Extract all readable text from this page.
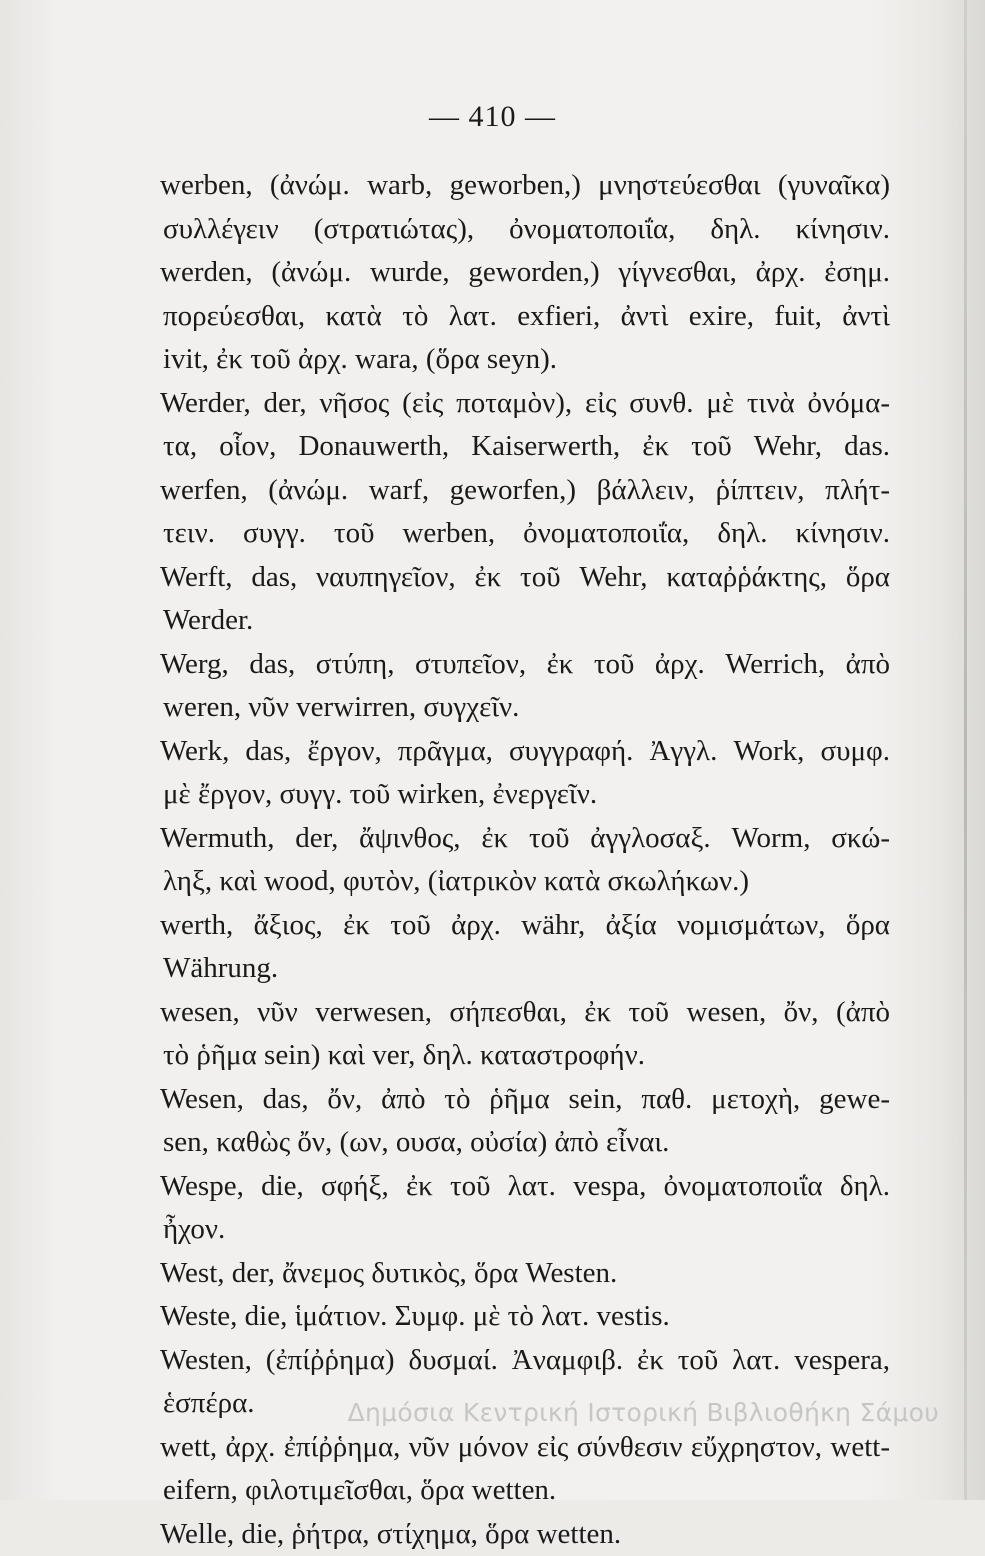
— 410 —
werben, (ἀνώμ. warb, geworben,) μνηστεύεσθαι (γυναῖκα)
συλλέγειν (στρατιώτας), ὀνοματοποιΐα, δηλ. κίνησιν.
werden, (ἀνώμ. wurde, geworden,) γίγνεσθαι, ἀρχ. ἐσημ.
πορεύεσθαι, κατὰ τὸ λατ. exfieri, ἀντὶ exire, fuit, ἀντὶ
ivit, ἐκ τοῦ ἀρχ. wara, (ὅρα seyn).
Werder, der, νῆσος (εἰς ποταμὸν), εἰς συνθ. μὲ τινὰ ὀνόμα-
τα, οἷον, Donauwerth, Kaiserwerth, ἐκ τοῦ Wehr, das.
werfen, (ἀνώμ. warf, geworfen,) βάλλειν, ῥίπτειν, πλήτ-
τειν. συγγ. τοῦ werben, ὀνοματοποιΐα, δηλ. κίνησιν.
Werft, das, ναυπηγεῖον, ἐκ τοῦ Wehr, καταῤῥάκτης, ὅρα
Werder.
Werg, das, στύπη, στυπεῖον, ἐκ τοῦ ἀρχ. Werrich, ἀπὸ
weren, νῦν verwirren, συγχεῖν.
Werk, das, ἔργον, πρᾶγμα, συγγραφή. Ἀγγλ. Work, συμφ.
μὲ ἔργον, συγγ. τοῦ wirken, ἐνεργεῖν.
Wermuth, der, ἄψινθος, ἐκ τοῦ ἀγγλοσαξ. Worm, σκώ-
ληξ, καὶ wood, φυτὸν, (ἰατρικὸν κατὰ σκωλήκων.)
werth, ἄξιος, ἐκ τοῦ ἀρχ. währ, ἀξία νομισμάτων, ὅρα
Währung.
wesen, νῦν verwesen, σήπεσθαι, ἐκ τοῦ wesen, ὄν, (ἀπὸ
τὸ ῥῆμα sein) καὶ ver, δηλ. καταστροφήν.
Wesen, das, ὄν, ἀπὸ τὸ ῥῆμα sein, παθ. μετοχὴ, gewe-
sen, καθὼς ὄν, (ων, ουσα, οὐσία) ἀπὸ εἶναι.
Wespe, die, σφήξ, ἐκ τοῦ λατ. vespa, ὀνοματοποιΐα δηλ.
ἦχον.
West, der, ἄνεμος δυτικὸς, ὅρα Westen.
Weste, die, ἱμάτιον. Συμφ. μὲ τὸ λατ. vestis.
Westen, (ἐπίῤῥημα) δυσμαί. Ἀναμφιβ. ἐκ τοῦ λατ. vespera,
ἑσπέρα.
wett, ἀρχ. ἐπίῤῥημα, νῦν μόνον εἰς σύνθεσιν εὔχρηστον, wett-
eifern, φιλοτιμεῖσθαι, ὅρα wetten.
Welle, die, ῥήτρα, στίχημα, ὅρα wetten.
Δημόσια Κεντρική Ιστορική Βιβλιοθήκη Σάμου
